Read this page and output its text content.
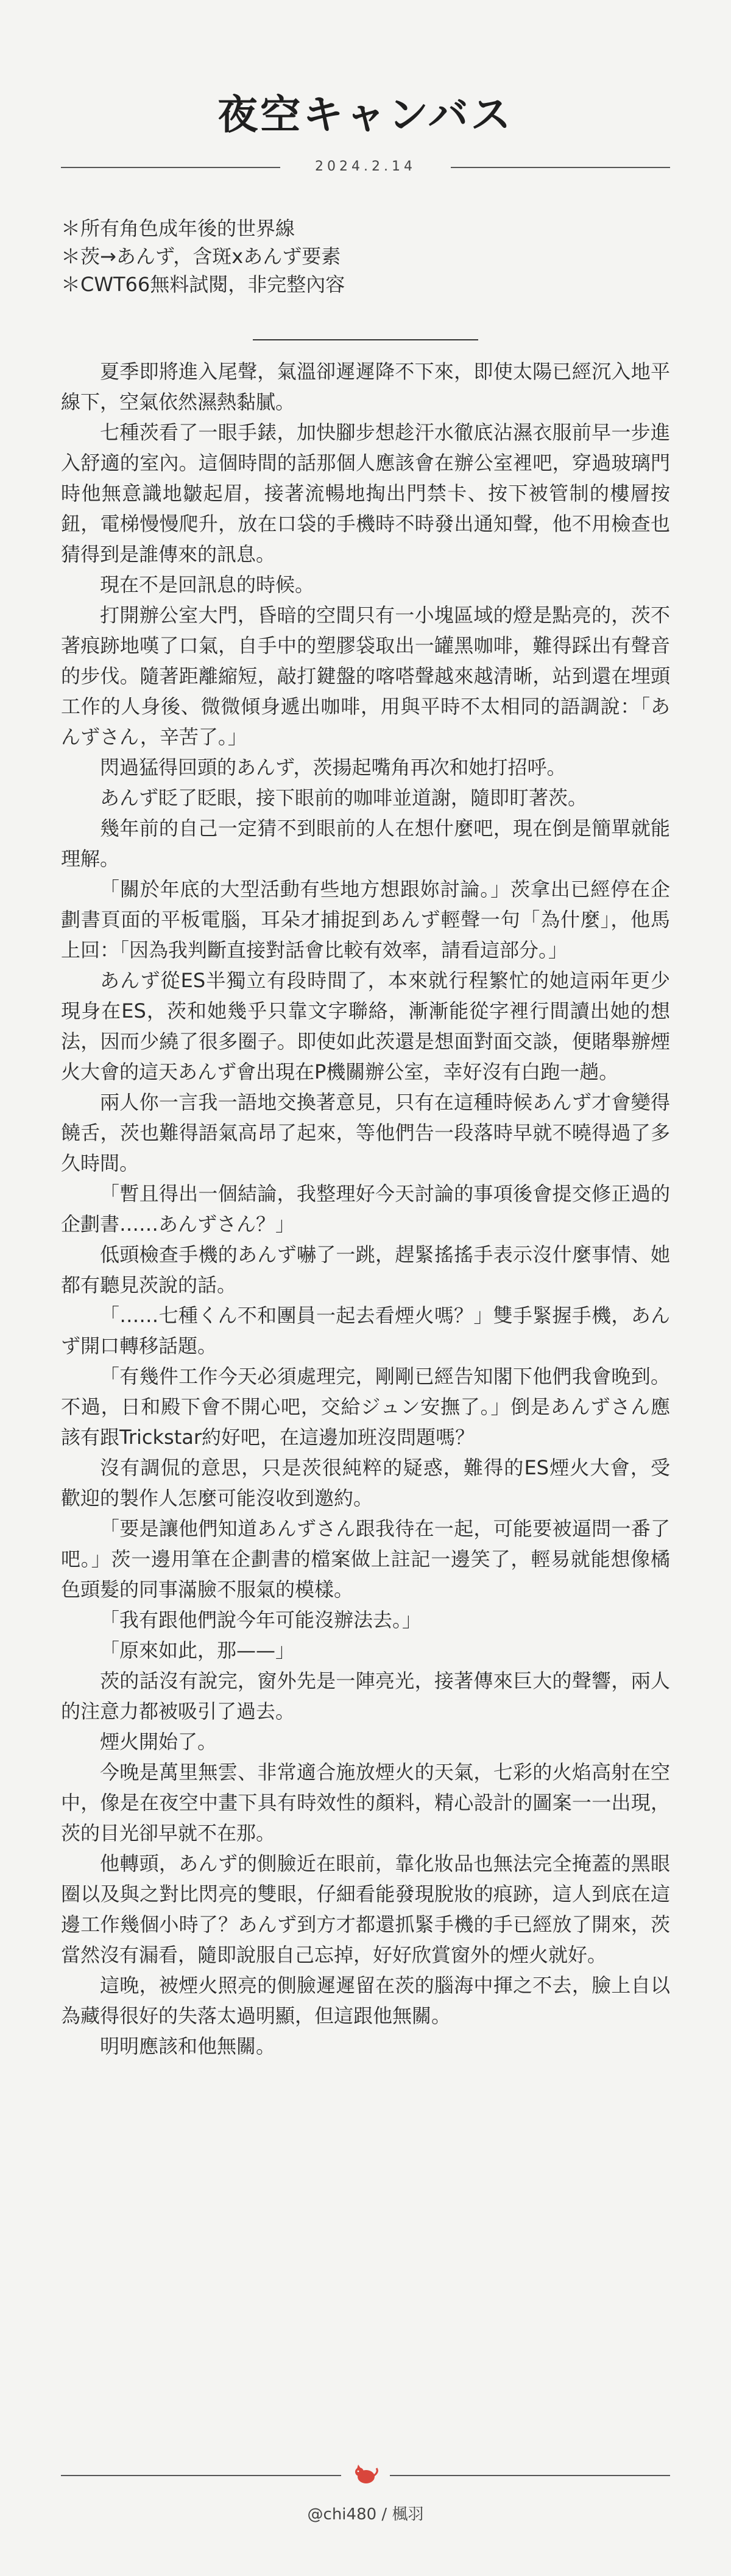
夜空キャンバス
2024.2.14
＊所有角色成年後的世界線
＊茨→あんず，含斑xあんず要素
＊CWT66無料試閱，非完整內容

夏季即將進入尾聲，氣溫卻遲遲降不下來，即使太陽已經沉入地平線下，空氣依然濕熱黏膩。

七種茨看了一眼手錶，加快腳步想趁汗水徹底沾濕衣服前早一步進入舒適的室內。這個時間的話那個人應該會在辦公室裡吧，穿過玻璃門時他無意識地皺起眉，接著流暢地掏出門禁卡、按下被管制的樓層按鈕，電梯慢慢爬升，放在口袋的手機時不時發出通知聲，他不用檢查也猜得到是誰傳來的訊息。

現在不是回訊息的時候。

打開辦公室大門，昏暗的空間只有一小塊區域的燈是點亮的，茨不著痕跡地嘆了口氣，自手中的塑膠袋取出一罐黑咖啡，難得踩出有聲音的步伐。隨著距離縮短，敲打鍵盤的喀嗒聲越來越清晰，站到還在埋頭工作的人身後、微微傾身遞出咖啡，用與平時不太相同的語調說：「あんずさん，辛苦了。」

閃過猛得回頭的あんず，茨揚起嘴角再次和她打招呼。

あんず眨了眨眼，接下眼前的咖啡並道謝，隨即盯著茨。

幾年前的自己一定猜不到眼前的人在想什麼吧，現在倒是簡單就能理解。

「關於年底的大型活動有些地方想跟妳討論。」茨拿出已經停在企劃書頁面的平板電腦，耳朵才捕捉到あんず輕聲一句「為什麼」，他馬上回：「因為我判斷直接對話會比較有效率，請看這部分。」

あんず從ES半獨立有段時間了，本來就行程繁忙的她這兩年更少現身在ES，茨和她幾乎只靠文字聯絡，漸漸能從字裡行間讀出她的想法，因而少繞了很多圈子。即使如此茨還是想面對面交談，便賭舉辦煙火大會的這天あんず會出現在P機關辦公室，幸好沒有白跑一趟。

兩人你一言我一語地交換著意見，只有在這種時候あんず才會變得饒舌，茨也難得語氣高昂了起來，等他們告一段落時早就不曉得過了多久時間。

「暫且得出一個結論，我整理好今天討論的事項後會提交修正過的企劃書……あんずさん？」

低頭檢查手機的あんず嚇了一跳，趕緊搖搖手表示沒什麼事情、她都有聽見茨說的話。

「……七種くん不和團員一起去看煙火嗎？」雙手緊握手機，あんず開口轉移話題。

「有幾件工作今天必須處理完，剛剛已經告知閣下他們我會晚到。不過，日和殿下會不開心吧，交給ジュン安撫了。」倒是あんずさん應該有跟Trickstar約好吧，在這邊加班沒問題嗎？

沒有調侃的意思，只是茨很純粹的疑惑，難得的ES煙火大會，受歡迎的製作人怎麼可能沒收到邀約。

「要是讓他們知道あんずさん跟我待在一起，可能要被逼問一番了吧。」茨一邊用筆在企劃書的檔案做上註記一邊笑了，輕易就能想像橘色頭髮的同事滿臉不服氣的模樣。

「我有跟他們說今年可能沒辦法去。」

「原來如此，那——」

茨的話沒有說完，窗外先是一陣亮光，接著傳來巨大的聲響，兩人的注意力都被吸引了過去。

煙火開始了。

今晚是萬里無雲、非常適合施放煙火的天氣，七彩的火焰高射在空中，像是在夜空中畫下具有時效性的顏料，精心設計的圖案一一出現，茨的目光卻早就不在那。

他轉頭，あんず的側臉近在眼前，靠化妝品也無法完全掩蓋的黑眼圈以及與之對比閃亮的雙眼，仔細看能發現脫妝的痕跡，這人到底在這邊工作幾個小時了？あんず到方才都還抓緊手機的手已經放了開來，茨當然沒有漏看，隨即說服自己忘掉，好好欣賞窗外的煙火就好。

這晚，被煙火照亮的側臉遲遲留在茨的腦海中揮之不去，臉上自以為藏得很好的失落太過明顯，但這跟他無關。

明明應該和他無關。

@chi480 / 楓羽
